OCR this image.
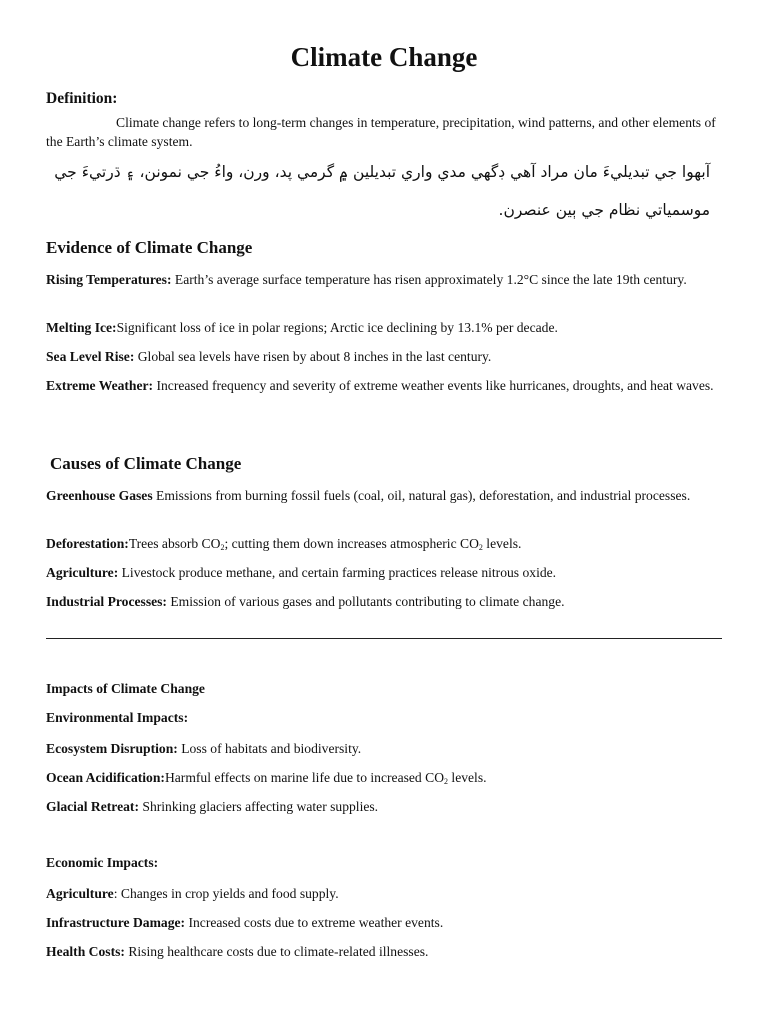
Climate Change
Definition:

Climate change refers to long-term changes in temperature, precipitation, wind patterns, and other elements of the Earth’s climate system.

آبهوا جي تبديليءَ مان مراد آهي ڊگهي مدي واري تبديلين ۾ گرمي پد، ورن، واءُ جي نمونن، ۽ ڌرتيءَ جي موسمياتي نظام جي ٻين عنصرن.

Evidence of Climate Change

Rising Temperatures: Earth’s average surface temperature has risen approximately 1.2°C since the late 19th century.

Melting Ice:Significant loss of ice in polar regions; Arctic ice declining by 13.1% per decade.

Sea Level Rise: Global sea levels have risen by about 8 inches in the last century.

Extreme Weather: Increased frequency and severity of extreme weather events like hurricanes, droughts, and heat waves.

Causes of Climate Change

Greenhouse Gases Emissions from burning fossil fuels (coal, oil, natural gas), deforestation, and industrial processes.

Deforestation:Trees absorb $CO_2$; cutting them down increases atmospheric $CO_2$ levels.

Agriculture: Livestock produce methane, and certain farming practices release nitrous oxide.

Industrial Processes: Emission of various gases and pollutants contributing to climate change.

Impacts of Climate Change
Environmental Impacts:

Ecosystem Disruption: Loss of habitats and biodiversity.

Ocean Acidification:Harmful effects on marine life due to increased $CO_2$ levels.

Glacial Retreat: Shrinking glaciers affecting water supplies.

Economic Impacts:

Agriculture: Changes in crop yields and food supply.

Infrastructure Damage: Increased costs due to extreme weather events.

Health Costs: Rising healthcare costs due to climate-related illnesses.
